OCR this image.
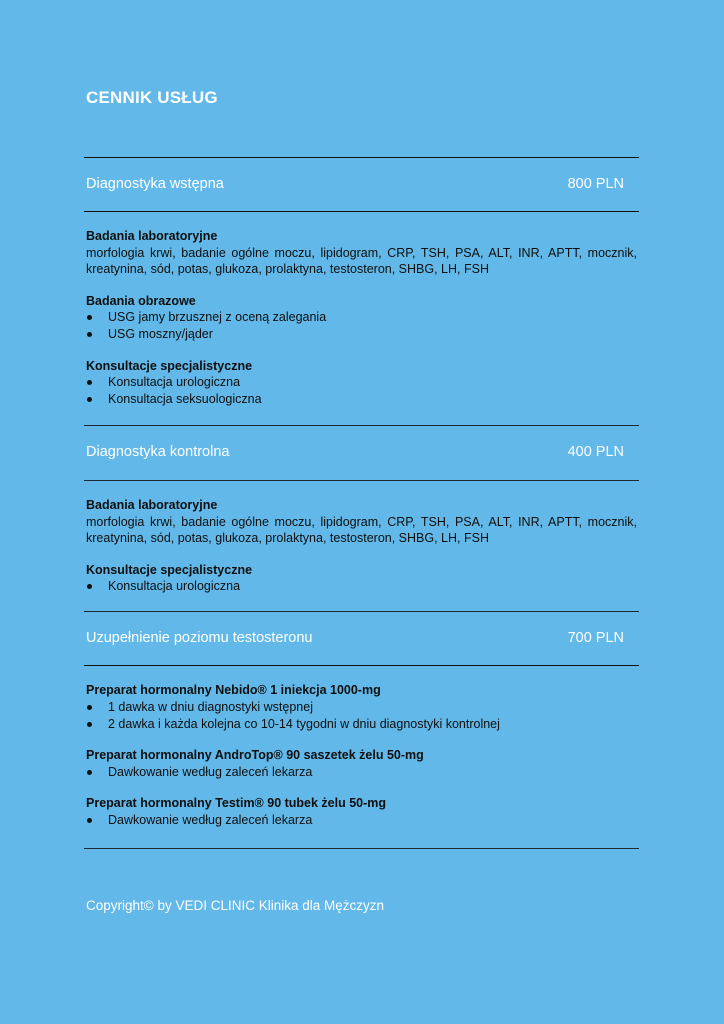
CENNIK USŁUG
Diagnostyka wstępna	800 PLN
Badania laboratoryjne

morfologia krwi, badanie ogólne moczu, lipidogram, CRP, TSH, PSA, ALT, INR, APTT, mocznik, kreatynina, sód, potas, glukoza, prolaktyna, testosteron, SHBG, LH, FSH

Badania obrazowe
USG jamy brzusznej z oceną zalegania
USG moszny/jąder
Konsultacje specjalistyczne
Konsultacja urologiczna
Konsultacja seksuologiczna
Diagnostyka kontrolna	400 PLN
Badania laboratoryjne

morfologia krwi, badanie ogólne moczu, lipidogram, CRP, TSH, PSA, ALT, INR, APTT, mocznik, kreatynina, sód, potas, glukoza, prolaktyna, testosteron, SHBG, LH, FSH

Konsultacje specjalistyczne
Konsultacja urologiczna
Uzupełnienie poziomu testosteronu	700 PLN
Preparat hormonalny Nebido® 1 iniekcja 1000-mg
1 dawka w dniu diagnostyki wstępnej
2 dawka i każda kolejna co 10-14 tygodni w dniu diagnostyki kontrolnej
Preparat hormonalny AndroTop® 90 saszetek żelu 50-mg
Dawkowanie według zaleceń lekarza
Preparat hormonalny Testim® 90 tubek żelu 50-mg
Dawkowanie według zaleceń lekarza
Copyright© by VEDI CLINIC Klinika dla Mężczyzn
